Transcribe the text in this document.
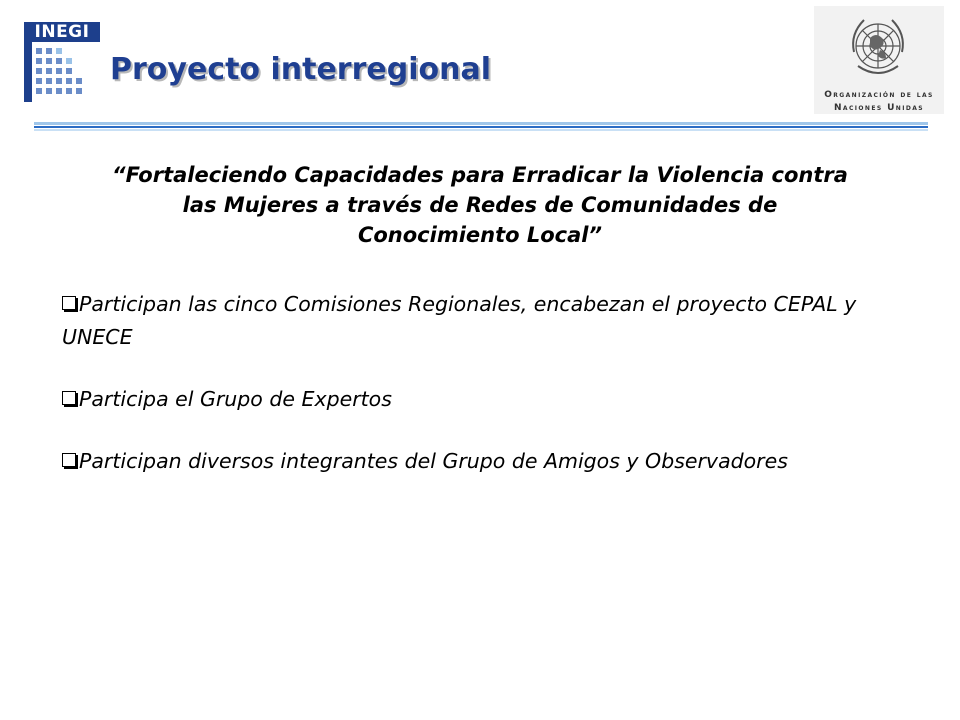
INEGI
Proyecto interregional
Organización de las
Naciones Unidas
“Fortaleciendo Capacidades para Erradicar la Violencia contra
las Mujeres a través de Redes de Comunidades de
Conocimiento Local”
Participan las cinco Comisiones Regionales, encabezan el proyecto CEPAL y UNECE
Participa el Grupo de Expertos
Participan diversos integrantes del Grupo de Amigos y Observadores
